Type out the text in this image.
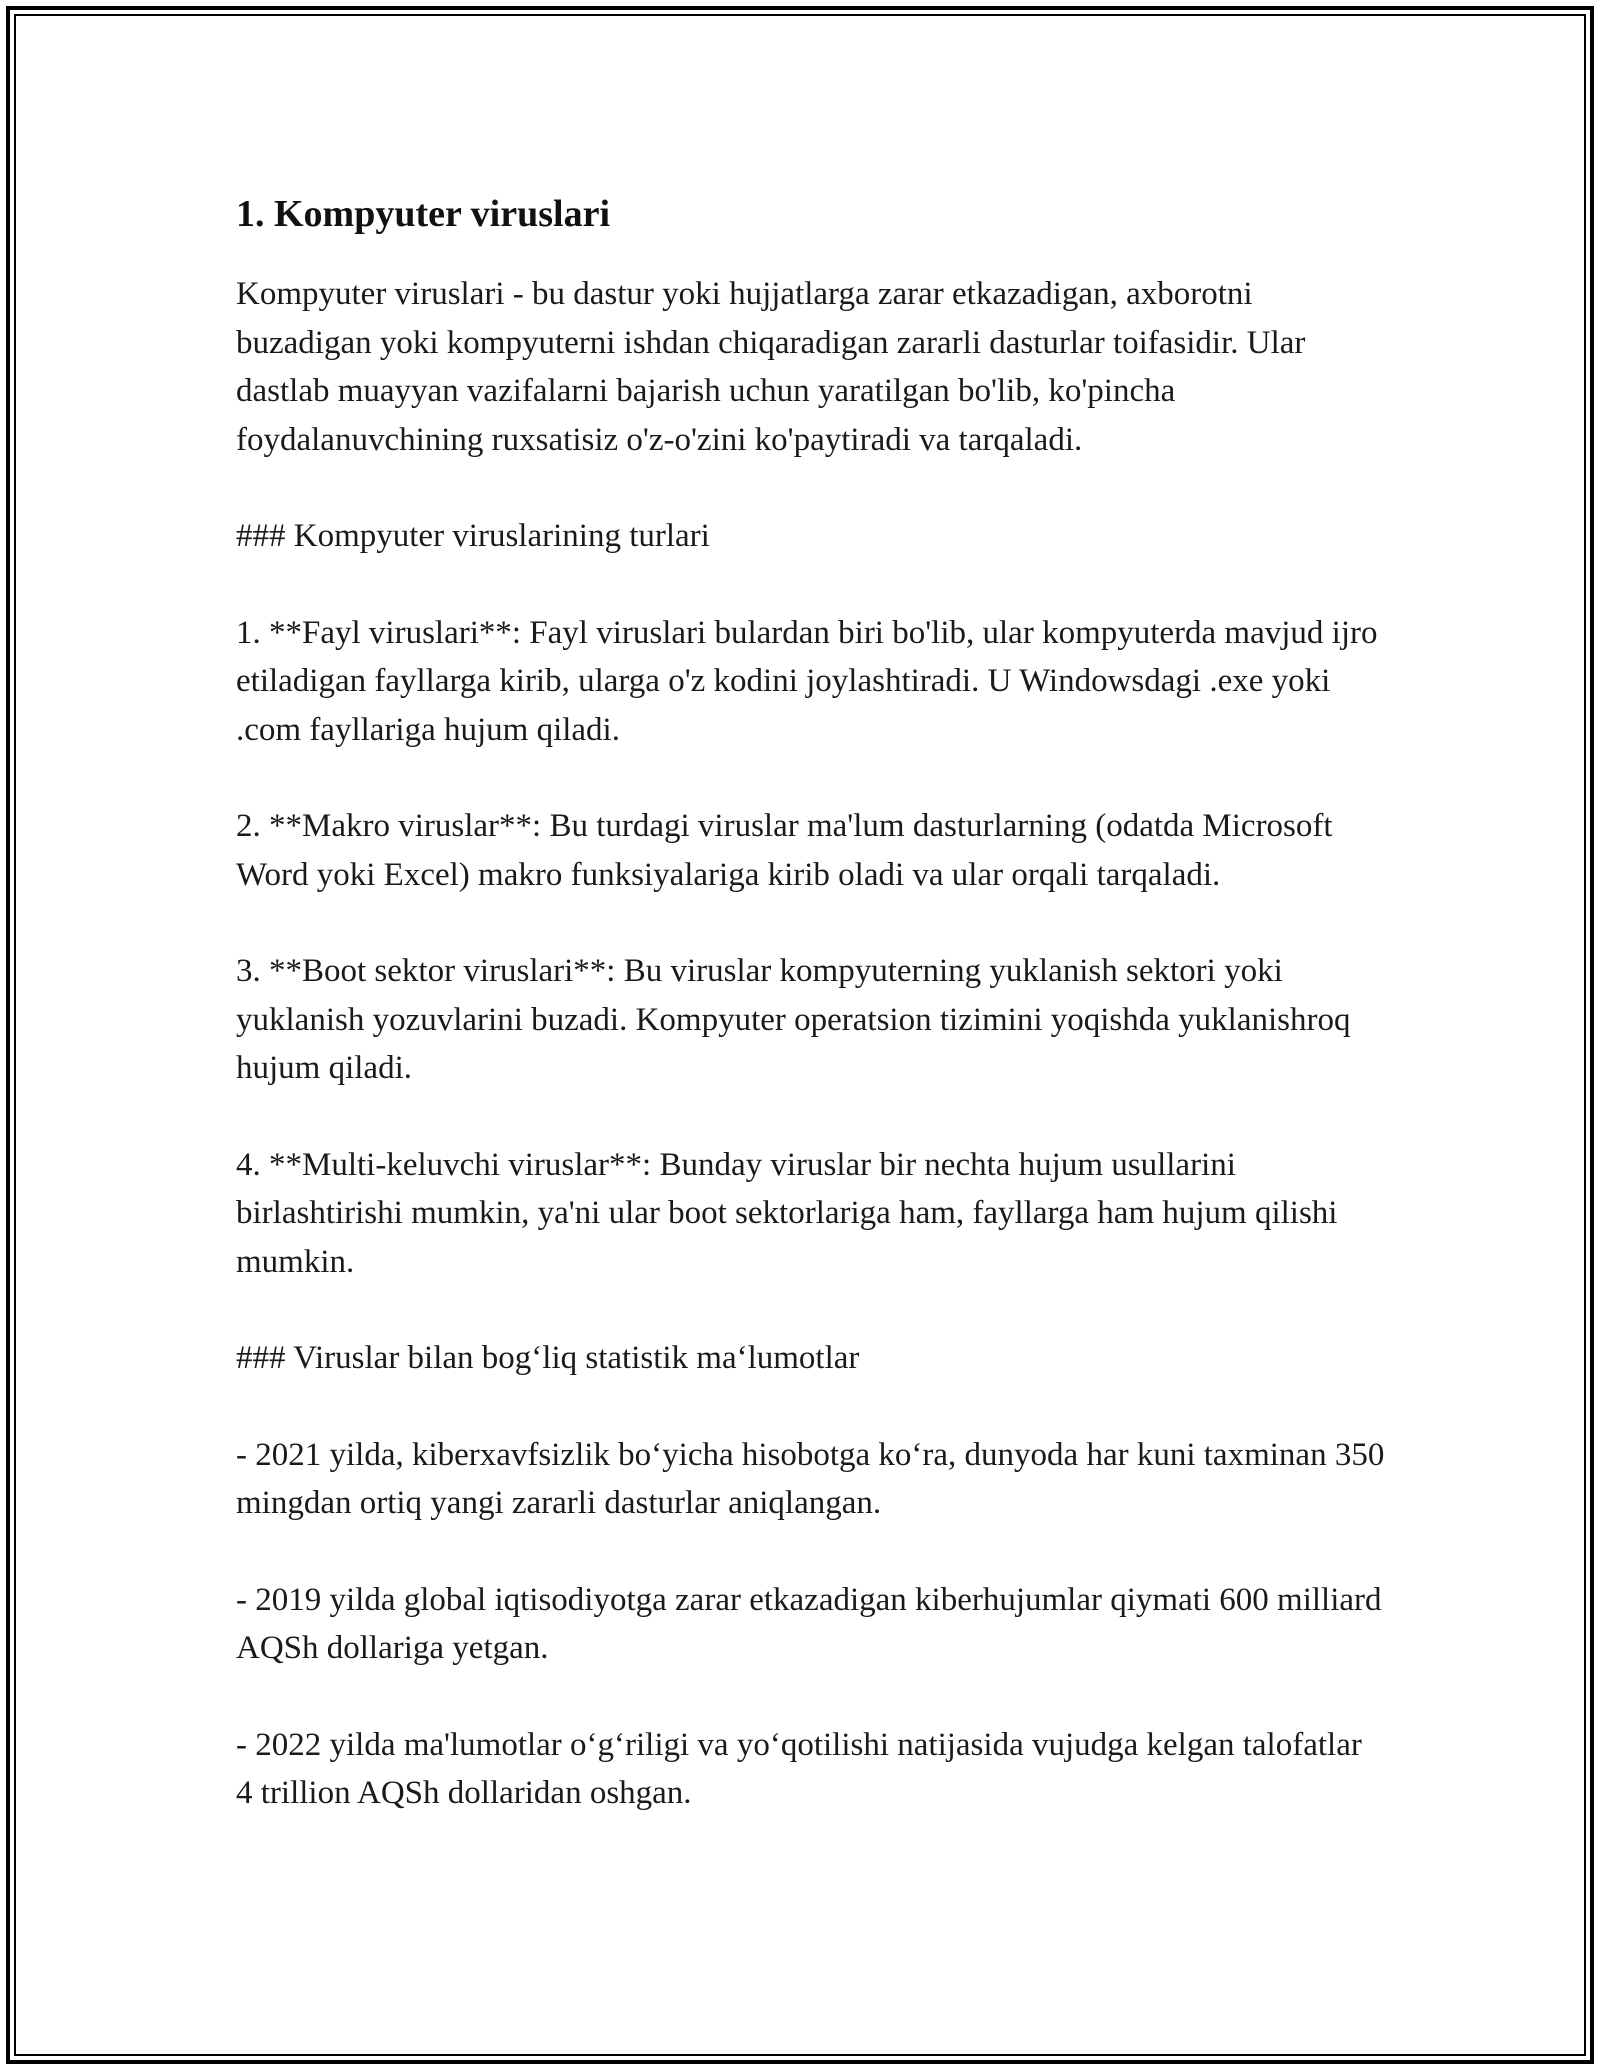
1. Kompyuter viruslari

Kompyuter viruslari - bu dastur yoki hujjatlarga zarar etkazadigan, axborotni buzadigan yoki kompyuterni ishdan chiqaradigan zararli dasturlar toifasidir. Ular dastlab muayyan vazifalarni bajarish uchun yaratilgan bo'lib, ko'pincha foydalanuvchining ruxsatisiz o'z-o'zini ko'paytiradi va tarqaladi.

### Kompyuter viruslarining turlari

1. **Fayl viruslari**: Fayl viruslari bulardan biri bo'lib, ular kompyuterda mavjud ijro etiladigan fayllarga kirib, ularga o'z kodini joylashtiradi. U Windowsdagi .exe yoki .com fayllariga hujum qiladi.

2. **Makro viruslar**: Bu turdagi viruslar ma'lum dasturlarning (odatda Microsoft Word yoki Excel) makro funksiyalariga kirib oladi va ular orqali tarqaladi.

3. **Boot sektor viruslari**: Bu viruslar kompyuterning yuklanish sektori yoki yuklanish yozuvlarini buzadi. Kompyuter operatsion tizimini yoqishda yuklanishroq hujum qiladi.

4. **Multi-keluvchi viruslar**: Bunday viruslar bir nechta hujum usullarini birlashtirishi mumkin, ya'ni ular boot sektorlariga ham, fayllarga ham hujum qilishi mumkin.

### Viruslar bilan bog‘liq statistik ma‘lumotlar

- 2021 yilda, kiberxavfsizlik bo‘yicha hisobotga ko‘ra, dunyoda har kuni taxminan 350 mingdan ortiq yangi zararli dasturlar aniqlangan.

- 2019 yilda global iqtisodiyotga zarar etkazadigan kiberhujumlar qiymati 600 milliard AQSh dollariga yetgan.

- 2022 yilda ma'lumotlar o‘g‘riligi va yo‘qotilishi natijasida vujudga kelgan talofatlar 4 trillion AQSh dollaridan oshgan.
